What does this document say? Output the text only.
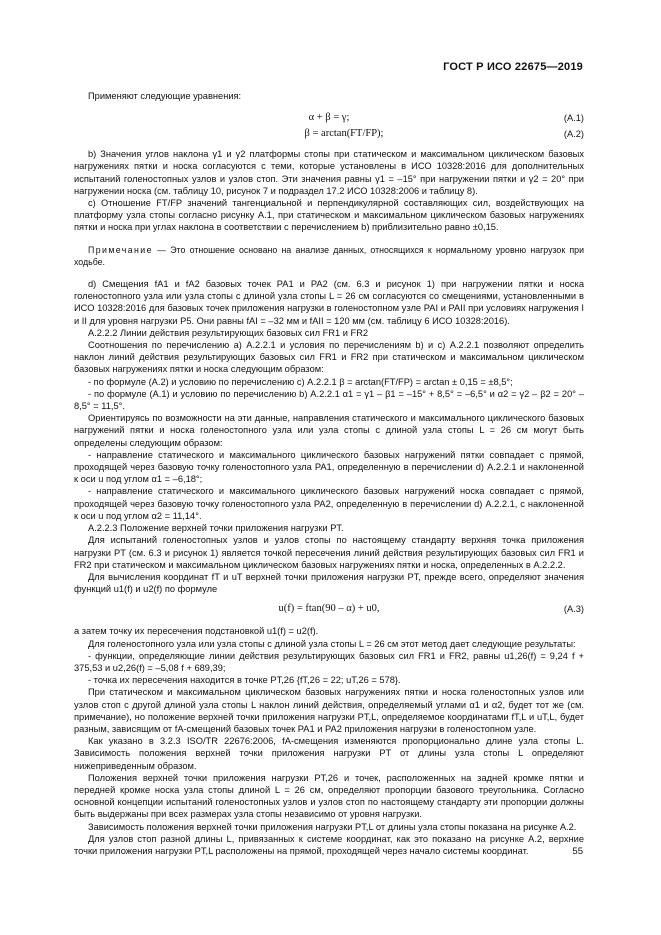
ГОСТ Р ИСО 22675—2019

Применяют следующие уравнения:

α + β = γ;	(А.1)
β = arctan(FT/FP);	(А.2)

b) Значения углов наклона γ1 и γ2 платформы стопы при статическом и максимальном циклическом базовых нагружениях пятки и носка согласуются с теми, которые установлены в ИСО 10328:2016 для дополнительных испытаний голеностопных узлов и узлов стоп. Эти значения равны γ1 = –15° при нагружении пятки и γ2 = 20° при нагружении носка (см. таблицу 10, рисунок 7 и подраздел 17.2 ИСО 10328:2006 и таблицу 8).

c) Отношение FT/FP значений тангенциальной и перпендикулярной составляющих сил, воздействующих на платформу узла стопы согласно рисунку А.1, при статическом и максимальном циклическом базовых нагружениях пятки и носка при углах наклона в соответствии с перечислением b) приблизительно равно ±0,15.

Примечание — Это отношение основано на анализе данных, относящихся к нормальному уровню нагрузок при ходьбе.

d) Смещения fA1 и fA2 базовых точек PA1 и PA2 (см. 6.3 и рисунок 1) при нагружении пятки и носка голеностопного узла или узла стопы с длиной узла стопы L = 26 см согласуются со смещениями, установленными в ИСО 10328:2016 для базовых точек приложения нагрузки в голеностопном узле PAI и PAII при условиях нагружения I и II для уровня нагрузки P5. Они равны fAI = –32 мм и fAII = 120 мм (см. таблицу 6 ИСО 10328:2016).

А.2.2.2 Линии действия результирующих базовых сил FR1 и FR2

Соотношения по перечислению а) А.2.2.1 и условия по перечислениям b) и c) А.2.2.1 позволяют определить наклон линий действия результирующих базовых сил FR1 и FR2 при статическом и максимальном циклическом базовых нагружениях пятки и носка следующим образом:

- по формуле (А.2) и условию по перечислению c) А.2.2.1 β = arctan(FT/FP) = arctan ± 0,15 = ±8,5°;

- по формуле (А.1) и условию по перечислению b) А.2.2.1 α1 = γ1 – β1 = –15° + 8,5° = –6,5° и α2 = γ2 – β2 = 20° – 8,5° = 11,5°.

Ориентируясь по возможности на эти данные, направления статического и максимального циклического базовых нагружений пятки и носка голеностопного узла или узла стопы с длиной узла стопы L = 26 см могут быть определены следующим образом:

- направление статического и максимального циклического базовых нагружений пятки совпадает с прямой, проходящей через базовую точку голеностопного узла PA1, определенную в перечислении d) А.2.2.1 и наклоненной к оси u под углом α1 = –6,18°;

- направление статического и максимального циклического базовых нагружений носка совпадает с прямой, проходящей через базовую точку голеностопного узла PA2, определенную в перечислении d) А.2.2.1, с наклоненной к оси u под углом α2 = 11,14°.

А.2.2.3 Положение верхней точки приложения нагрузки PT.

Для испытаний голеностопных узлов и узлов стопы по настоящему стандарту верхняя точка приложения нагрузки PT (см. 6.3 и рисунок 1) является точкой пересечения линий действия результирующих базовых сил FR1 и FR2 при статическом и максимальном циклическом базовых нагружениях пятки и носка, определенных в А.2.2.2.

Для вычисления координат fT и uT верхней точки приложения нагрузки PT, прежде всего, определяют значения функций u1(f) и u2(f) по формуле

u(f) = ftan(90 – α) + u0,	(А.3)

а затем точку их пересечения подстановкой u1(f) = u2(f).

Для голеностопного узла или узла стопы с длиной узла стопы L = 26 см этот метод дает следующие результаты:

- функции, определяющие линии действия результирующих базовых сил FR1 и FR2, равны u1,26(f) = 9,24 f + 375,53 и u2,26(f) = –5,08 f + 689,39;

- точка их пересечения находится в точке PT,26 {fT,26 = 22; uT,26 = 578}.

При статическом и максимальном циклическом базовых нагружениях пятки и носка голеностопных узлов или узлов стоп с другой длиной узла стопы L наклон линий действия, определяемый углами α1 и α2, будет тот же (см. примечание), но положение верхней точки приложения нагрузки PT,L, определяемое координатами fT,L и uT,L, будет разным, зависящим от fA-смещений базовых точек PA1 и PA2 приложения нагрузки в голеностопном узле.

Как указано в 3.2.3 ISO/TR 22676:2006, fA-смещения изменяются пропорционально длине узла стопы L. Зависимость положения верхней точки приложения нагрузки PT от длины узла стопы L определяют нижеприведенным образом.

Положения верхней точки приложения нагрузки PT,26 и точек, расположенных на задней кромке пятки и передней кромке носка узла стопы длиной L = 26 см, определяют пропорции базового треугольника. Согласно основной концепции испытаний голеностопных узлов и узлов стоп по настоящему стандарту эти пропорции должны быть выдержаны при всех размерах узла стопы независимо от уровня нагрузки.

Зависимость положения верхней точки приложения нагрузки PT,L от длины узла стопы показана на рисунке А.2.

Для узлов стоп разной длины L, привязанных к системе координат, как это показано на рисунке А.2, верхние точки приложения нагрузки PT,L расположены на прямой, проходящей через начало системы координат.	55
